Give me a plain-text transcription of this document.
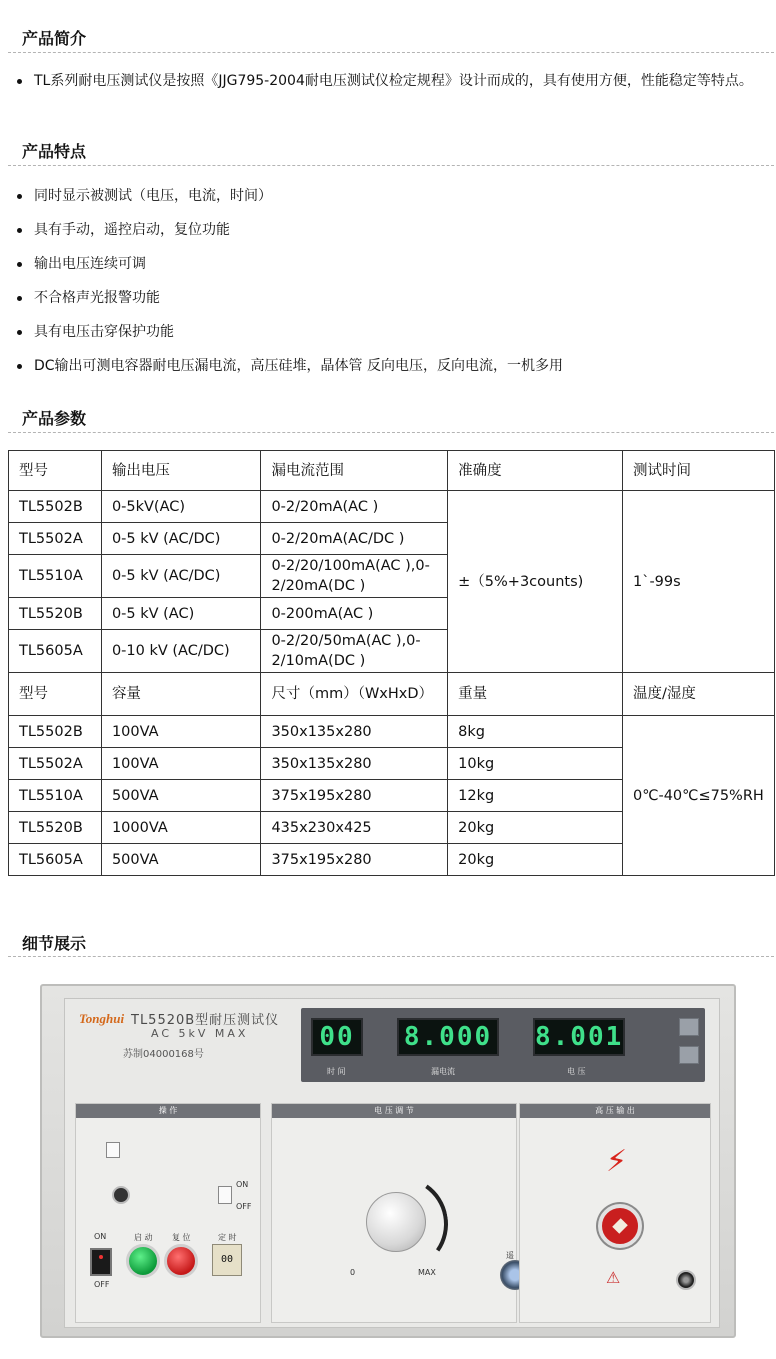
产品简介
TL系列耐电压测试仪是按照《JJG795-2004耐电压测试仪检定规程》设计而成的，具有使用方便，性能稳定等特点。
产品特点
同时显示被测试（电压，电流，时间）
具有手动，遥控启动，复位功能
输出电压连续可调
不合格声光报警功能
具有电压击穿保护功能
DC输出可测电容器耐电压漏电流，高压硅堆，晶体管 反向电压，反向电流，一机多用
产品参数
型号	输出电压	漏电流范围	准确度	测试时间
TL5502B	0-5kV(AC)	0-2/20mA(AC )	±（5%+3counts)	1`-99s
TL5502A	0-5 kV (AC/DC)	0-2/20mA(AC/DC )		
TL5510A	0-5 kV (AC/DC)	0-2/20/100mA(AC ),0-2/20mA(DC )		
TL5520B	0-5 kV (AC)	0-200mA(AC )		
TL5605A	0-10 kV (AC/DC)	0-2/20/50mA(AC ),0-2/10mA(DC )		
型号	容量	尺寸（mm）（WxHxD）	重量	温度/湿度
TL5502B	100VA	350x135x280	8kg	0℃-40℃≤75%RH
TL5502A	100VA	350x135x280	10kg	
TL5510A	500VA	375x195x280	12kg	
TL5520B	1000VA	435x230x425	20kg	
TL5605A	500VA	375x195x280	20kg	
细节展示
Tonghui TL5520B型耐压测试仪
AC 5kV MAX
苏制04000168号
00	8.000 8.001
时 间	漏电流	电 压
操 作
ON
OFF
启 动 复 位	定 时
00
ON
OFF
电 压 调 节
0	MAX
遥
高 压 输 出
⚡
⚠
